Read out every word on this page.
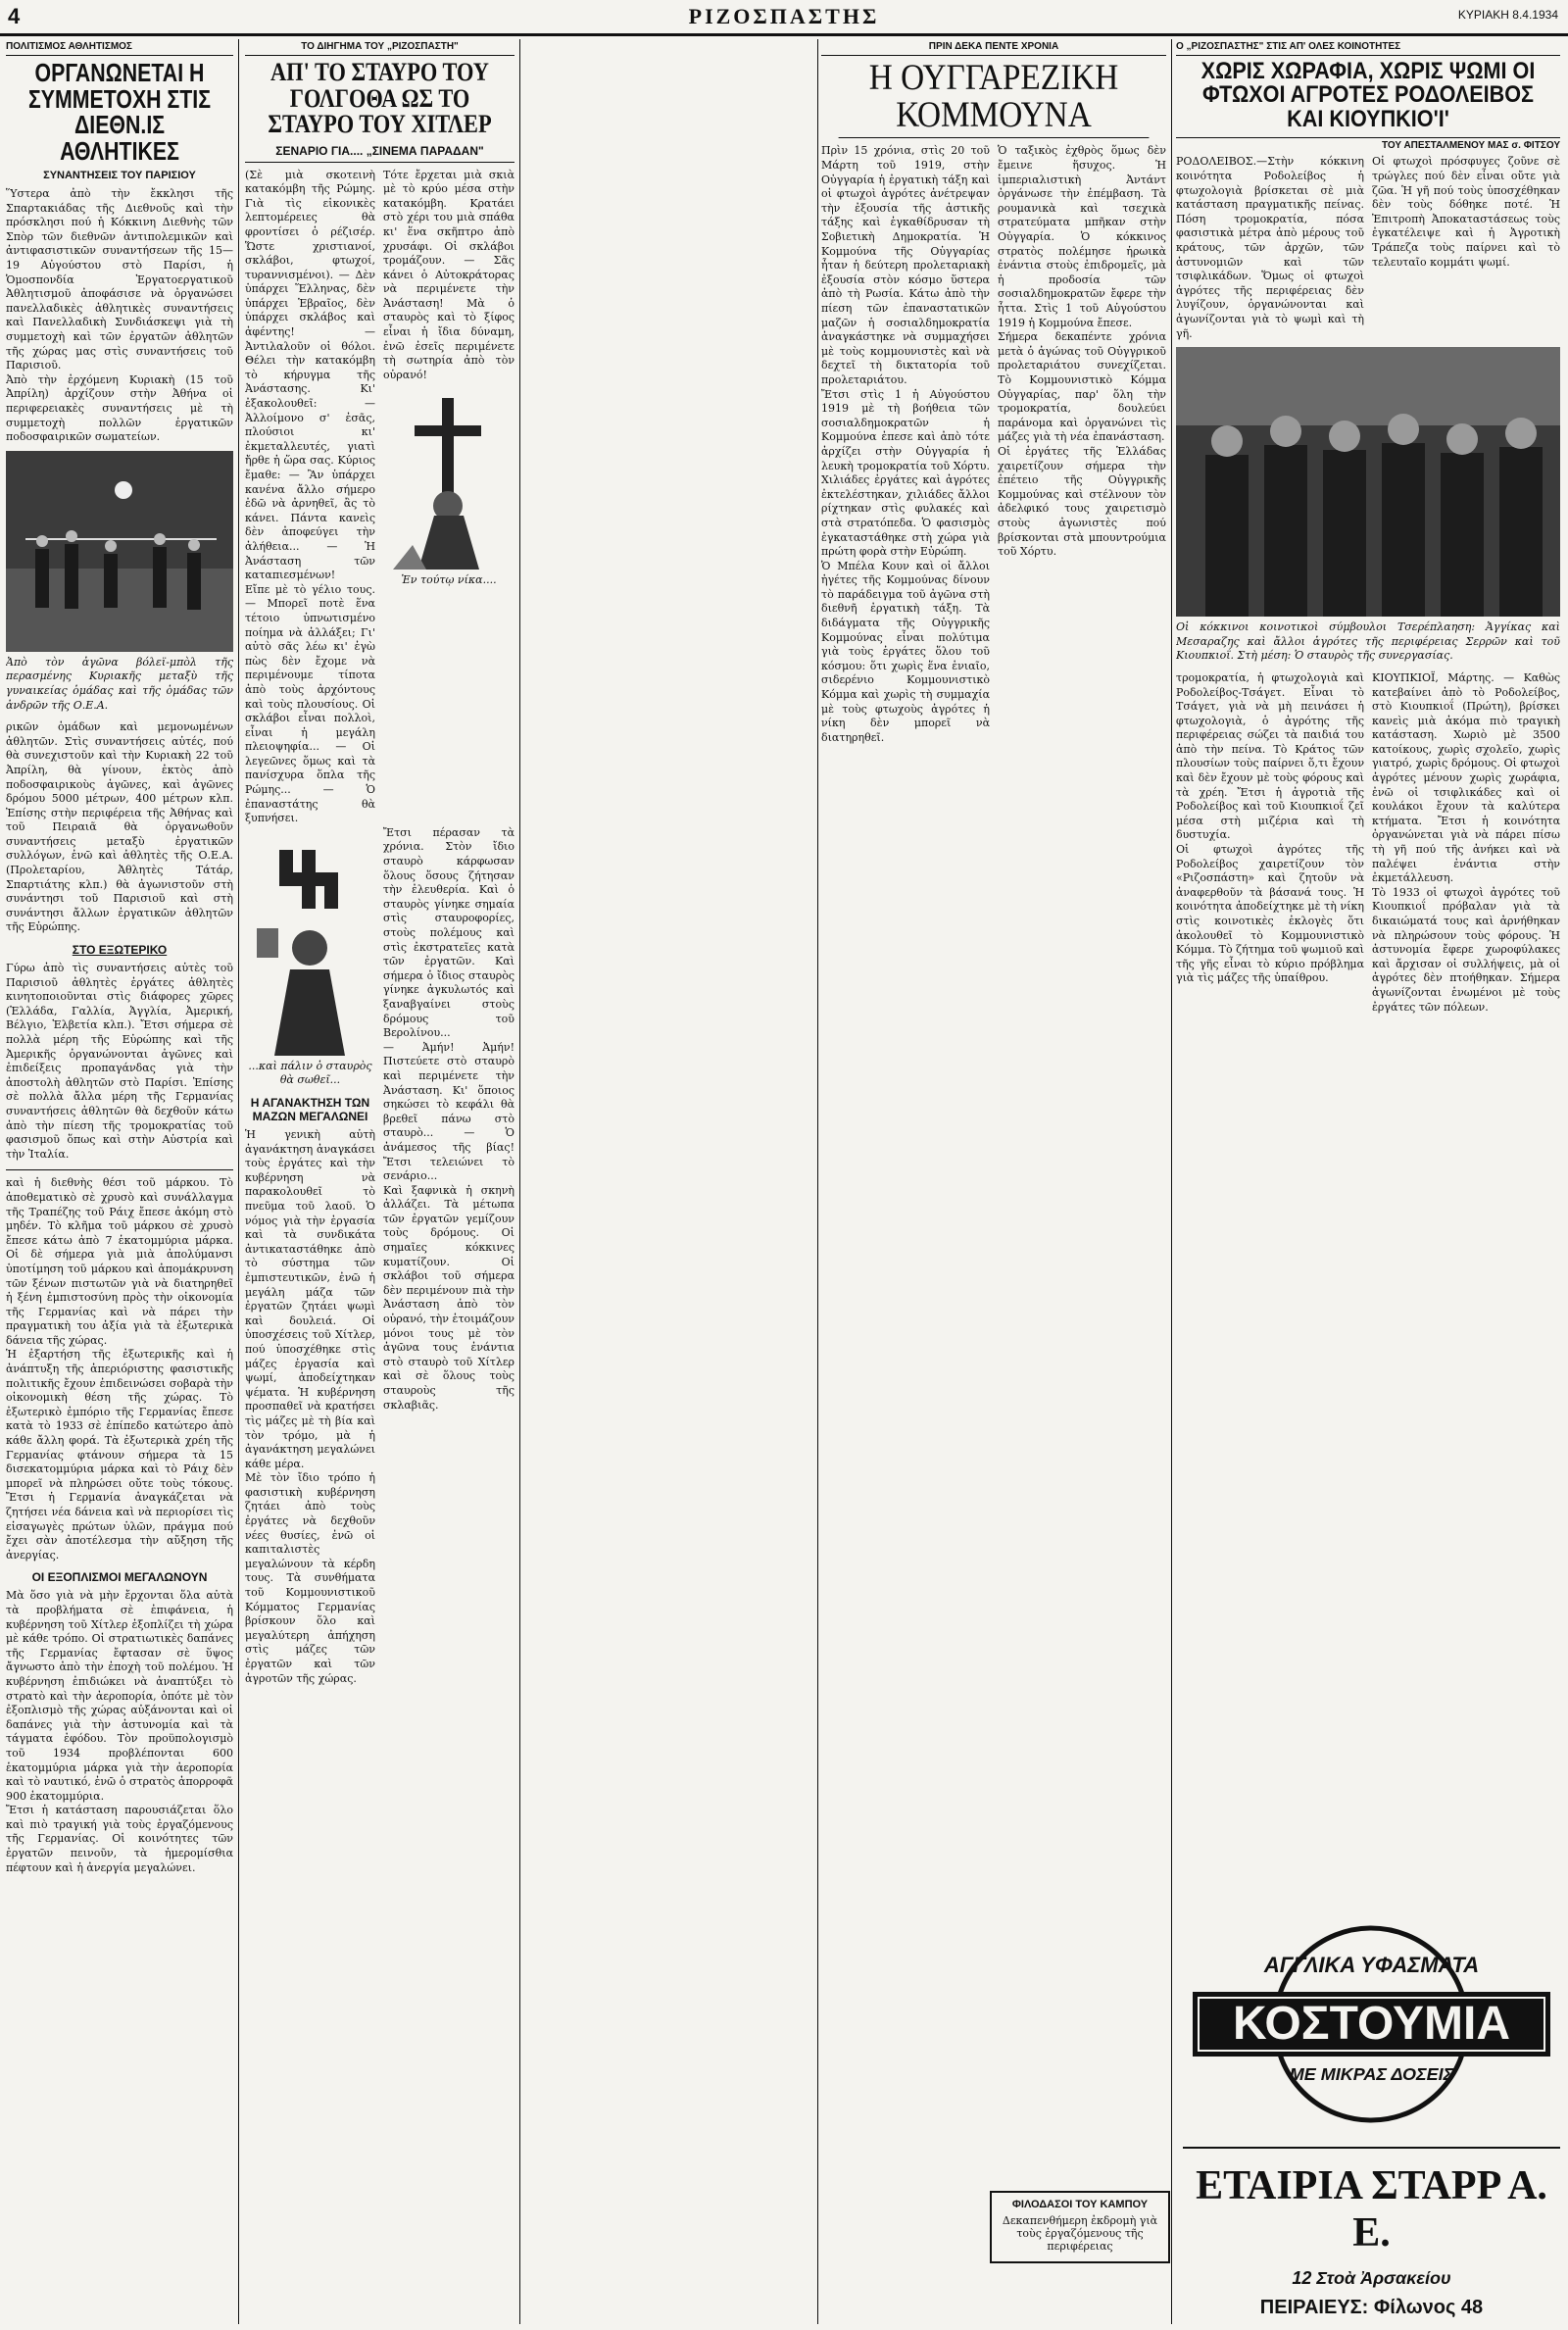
4	ΡΙΖΟΣΠΑΣΤΗΣ	ΚΥΡΙΑΚΗ 8.4.1934
ΠΟΛΙΤΙΣΜΟΣ ΑΘΛΗΤΙΣΜΟΣ
ΟΡΓΑΝΩΝΕΤΑΙ Η ΣΥΜΜΕΤΟΧΗ ΣΤΙΣ ΔΙΕΘΝ.ΙΣ ΑΘΛΗΤΙΚΕΣ
ΣΥΝΑΝΤΗΣΕΙΣ ΤΟΥ ΠΑΡΙΣΙΟΥ

Ὕστερα ἀπὸ τὴν ἔκκλησι τῆς Σπαρτακιάδας τῆς Διεθνοῦς καὶ τὴν πρόσκλησι πού ἡ Κόκκινη Διεθνὴς τῶν Σπὸρ τῶν διεθνῶν ἀντιπολεμικῶν καὶ ἀντιφασιστικῶν συναντήσεων τῆς 15—19 Αὐγούστου στὸ Παρίσι, ἡ Ὁμοσπονδία Ἐργατοεργατικοῦ Ἀθλητισμοῦ ἀποφάσισε νὰ ὀργανώσει πανελλαδικὲς ἀθλητικὲς συναντήσεις καὶ Πανελλαδικὴ Συνδιάσκεψι γιὰ τὴ συμμετοχὴ καὶ τῶν ἐργατῶν ἀθλητῶν τῆς χώρας μας στὶς συναντήσεις τοῦ Παρισιοῦ.

Ἀπὸ τὴν ἐρχόμενη Κυριακὴ (15 τοῦ Ἀπρίλη) ἀρχίζουν στὴν Ἀθήνα οἱ περιφερειακὲς συναντήσεις μὲ τὴ συμμετοχὴ πολλῶν ἐργατικῶν ποδοσφαιρικῶν σωματείων.

Ἀπὸ τὸν ἀγῶνα βόλεϊ-μπὸλ τῆς περασμένης Κυριακῆς μεταξὺ τῆς γυναικείας ὁμάδας καὶ τῆς ὁμάδας τῶν ἀνδρῶν τῆς Ο.Ε.Α.

ρικῶν ὁμάδων καὶ μεμονωμένων ἀθλητῶν. Στὶς συναντήσεις αὐτές, πού θὰ συνεχιστοῦν καὶ τὴν Κυριακὴ 22 τοῦ Ἀπρίλη, θὰ γίνουν, ἐκτὸς ἀπὸ ποδοσφαιρικοὺς ἀγῶνες, καὶ ἀγῶνες δρόμου 5000 μέτρων, 400 μέτρων κλπ. Ἐπίσης στὴν περιφέρεια τῆς Ἀθήνας καὶ τοῦ Πειραιᾶ θὰ ὀργανωθοῦν συναντήσεις μεταξὺ ἐργατικῶν συλλόγων, ἐνῶ καὶ ἀθλητὲς τῆς Ο.Ε.Α. (Προλεταρίου, Ἀθλητὲς Τάτάρ, Σπαρτιάτης κλπ.) θὰ ἀγωνιστοῦν στὴ συνάντησι τοῦ Παρισιοῦ καὶ στὴ συνάντησι ἄλλων ἐργατικῶν ἀθλητῶν τῆς Εὐρώπης.

ΣΤΟ ΕΞΩΤΕΡΙΚΟ

Γύρω ἀπὸ τὶς συναντήσεις αὐτὲς τοῦ Παρισιοῦ ἀθλητὲς ἐργάτες ἀθλητὲς κινητοποιοῦνται στὶς διάφορες χῶρες (Ἑλλάδα, Γαλλία, Ἀγγλία, Ἀμερική, Βέλγιο, Ἑλβετία κλπ.). Ἔτσι σήμερα σὲ πολλὰ μέρη τῆς Εὐρώπης καὶ τῆς Ἀμερικῆς ὀργανώνονται ἀγῶνες καὶ ἐπιδείξεις προπαγάνδας γιὰ τὴν ἀποστολὴ ἀθλητῶν στὸ Παρίσι. Ἐπίσης σὲ πολλὰ ἄλλα μέρη τῆς Γερμανίας συναντήσεις ἀθλητῶν θὰ δεχθοῦν κάτω ἀπὸ τὴν πίεση τῆς τρομοκρατίας τοῦ φασισμοῦ ὅπως καὶ στὴν Αὐστρία καὶ τὴν Ἰταλία.

καὶ ἡ διεθνὴς θέσι τοῦ μάρκου. Τὸ ἀποθεματικὸ σὲ χρυσὸ καὶ συνάλλαγμα τῆς Τραπέζης τοῦ Ράιχ ἔπεσε ἀκόμη στὸ μηδέν. Τὸ κλῆμα τοῦ μάρκου σὲ χρυσὸ ἔπεσε κάτω ἀπὸ 7 ἑκατομμύρια μάρκα. Οἱ δὲ σήμερα γιὰ μιὰ ἀπολύμανσι ὑποτίμηση τοῦ μάρκου καὶ ἀπομάκρυνση τῶν ξένων πιστωτῶν γιὰ νὰ διατηρηθεῖ ἡ ξένη ἐμπιστοσύνη πρὸς τὴν οἰκονομία τῆς Γερμανίας καὶ νὰ πάρει τὴν πραγματικὴ του ἀξία γιὰ τὰ ἐξωτερικὰ δάνεια τῆς χώρας.

Ἡ ἐξαρτήση τῆς ἐξωτερικῆς καὶ ἡ ἀνάπτυξη τῆς ἀπεριόριστης φασιστικῆς πολιτικῆς ἔχουν ἐπιδεινώσει σοβαρὰ τὴν οἰκονομικὴ θέση τῆς χώρας. Τὸ ἐξωτερικὸ ἐμπόριο τῆς Γερμανίας ἔπεσε κατὰ τὸ 1933 σὲ ἐπίπεδο κατώτερο ἀπὸ κάθε ἄλλη φορά. Τὰ ἐξωτερικὰ χρέη τῆς Γερμανίας φτάνουν σήμερα τὰ 15 δισεκατομμύρια μάρκα καὶ τὸ Ράιχ δὲν μπορεῖ νὰ πληρώσει οὔτε τοὺς τόκους. Ἔτσι ἡ Γερμανία ἀναγκάζεται νὰ ζητήσει νέα δάνεια καὶ νὰ περιορίσει τὶς εἰσαγωγὲς πρώτων ὑλῶν, πράγμα πού ἔχει σὰν ἀποτέλεσμα τὴν αὔξηση τῆς ἀνεργίας.

ΟΙ ΕΞΟΠΛΙΣΜΟΙ ΜΕΓΑΛΩΝΟΥΝ

Μὰ ὅσο γιὰ νὰ μὴν ἔρχονται ὅλα αὐτὰ τὰ προβλήματα σὲ ἐπιφάνεια, ἡ κυβέρνηση τοῦ Χίτλερ ἐξοπλίζει τὴ χώρα μὲ κάθε τρόπο. Οἱ στρατιωτικὲς δαπάνες τῆς Γερμανίας ἔφτασαν σὲ ὕψος ἄγνωστο ἀπὸ τὴν ἐποχὴ τοῦ πολέμου. Ἡ κυβέρνηση ἐπιδιώκει νὰ ἀναπτύξει τὸ στρατὸ καὶ τὴν ἀεροπορία, ὁπότε μὲ τὸν ἐξοπλισμὸ τῆς χώρας αὐξάνονται καὶ οἱ δαπάνες γιὰ τὴν ἀστυνομία καὶ τὰ τάγματα ἐφόδου. Τὸν προϋπολογισμὸ τοῦ 1934 προβλέπονται 600 ἑκατομμύρια μάρκα γιὰ τὴν ἀεροπορία καὶ τὸ ναυτικό, ἐνῶ ὁ στρατὸς ἀπορροφᾶ 900 ἑκατομμύρια.

Ἔτσι ἡ κατάσταση παρουσιάζεται ὅλο καὶ πιὸ τραγική γιὰ τοὺς ἐργαζόμενους τῆς Γερμανίας. Οἱ κοινότητες τῶν ἐργατῶν πεινοῦν, τὰ ἡμερομίσθια πέφτουν καὶ ἡ ἀνεργία μεγαλώνει.

ΤΟ ΔΙΗΓΗΜΑ ΤΟΥ „ΡΙΖΟΣΠΑΣΤΗ"
ΑΠ' ΤΟ ΣΤΑΥΡΟ ΤΟΥ ΓΟΛΓΟΘΑ ΩΣ ΤΟ ΣΤΑΥΡΟ ΤΟΥ ΧΙΤΛΕΡ
ΣΕΝΑΡΙΟ ΓΙΑ.... „ΣΙΝΕΜΑ ΠΑΡΑΔΑΝ"

(Σὲ μιὰ σκοτεινὴ κατακόμβη τῆς Ρώμης. Γιὰ τὶς εἰκονικὲς λεπτομέρειες θὰ φροντίσει ὁ ρέζισέρ. Ὥστε χριστιανοί, σκλάβοι, φτωχοί, τυραννισμένοι). — Δὲν ὑπάρχει Ἕλληνας, δὲν ὑπάρχει Ἑβραῖος, δὲν ὑπάρχει σκλάβος καὶ ἀφέντης! — Ἀντιλαλοῦν οἱ θόλοι. Θέλει τὴν κατακόμβη τὸ κήρυγμα τῆς Ἀνάστασης. Κι' ἐξακολουθεῖ: — Ἀλλοίμονο σ' ἐσᾶς, πλούσιοι κι' ἐκμεταλλευτές, γιατὶ ἤρθε ἡ ὥρα σας. Κύριος ἔμαθε: — Ἂν ὑπάρχει κανένα ἄλλο σήμερο ἐδῶ νὰ ἀρνηθεῖ, ἂς τὸ κάνει. Πάντα κανεὶς δὲν ἀποφεύγει τὴν ἀλήθεια... — Ἡ Ἀνάσταση τῶν καταπιεσμένων!

Εἴπε μὲ τὸ γέλιο τους. — Μπορεῖ ποτὲ ἕνα τέτοιο ὑπνωτισμένο ποίημα νὰ ἀλλάξει; Γι' αὐτὸ σᾶς λέω κι' ἐγὼ πὼς δὲν ἔχομε νὰ περιμένουμε τίποτα ἀπὸ τοὺς ἀρχόντους καὶ τοὺς πλουσίους. Οἱ σκλάβοι εἶναι πολλοὶ, εἶναι ἡ μεγάλη πλειοψηφία... — Οἱ λεγεῶνες ὅμως καὶ τὰ πανίσχυρα ὅπλα τῆς Ρώμης... — Ὁ ἐπαναστάτης θὰ ξυπνήσει.

Τότε ἔρχεται μιὰ σκιὰ μὲ τὸ κρύο μέσα στὴν κατακόμβη. Κρατάει στὸ χέρι του μιὰ σπάθα κι' ἕνα σκῆπτρο ἀπὸ χρυσάφι. Οἱ σκλάβοι τρομάζουν. — Σᾶς κάνει ὁ Αὐτοκράτορας νὰ περιμένετε τὴν Ἀνάσταση! Μὰ ὁ σταυρὸς καὶ τὸ ξίφος εἶναι ἡ ἴδια δύναμη, ἐνῶ ἐσεῖς περιμένετε τὴ σωτηρία ἀπὸ τὸν οὐρανό!

Ἐν τούτῳ νίκα....

...καὶ πάλιν ὁ σταυρὸς θὰ σωθεῖ...

Η ΑΓΑΝΑΚΤΗΣΗ ΤΩΝ ΜΑΖΩΝ ΜΕΓΑΛΩΝΕΙ

Ἡ γενικὴ αὐτὴ ἀγανάκτηση ἀναγκάσει τοὺς ἐργάτες καὶ τὴν κυβέρνηση νὰ παρακολουθεῖ τὸ πνεῦμα τοῦ λαοῦ. Ὁ νόμος γιὰ τὴν ἐργασία καὶ τὰ συνδικάτα ἀντικαταστάθηκε ἀπὸ τὸ σύστημα τῶν ἐμπιστευτικῶν, ἐνῶ ἡ μεγάλη μάζα τῶν ἐργατῶν ζητάει ψωμὶ καὶ δουλειά. Οἱ ὑποσχέσεις τοῦ Χίτλερ, πού ὑποσχέθηκε στὶς μάζες ἐργασία καὶ ψωμί, ἀποδείχτηκαν ψέματα. Ἡ κυβέρνηση προσπαθεῖ νὰ κρατήσει τὶς μάζες μὲ τὴ βία καὶ τὸν τρόμο, μὰ ἡ ἀγανάκτηση μεγαλώνει κάθε μέρα.

Μὲ τὸν ἴδιο τρόπο ἡ φασιστικὴ κυβέρνηση ζητάει ἀπὸ τοὺς ἐργάτες νὰ δεχθοῦν νέες θυσίες, ἐνῶ οἱ καπιταλιστὲς μεγαλώνουν τὰ κέρδη τους. Τὰ συνθήματα τοῦ Κομμουνιστικοῦ Κόμματος Γερμανίας βρίσκουν ὅλο καὶ μεγαλύτερη ἀπήχηση στὶς μάζες τῶν ἐργατῶν καὶ τῶν ἀγροτῶν τῆς χώρας.

Ἔτσι πέρασαν τὰ χρόνια. Στὸν ἴδιο σταυρὸ κάρφωσαν ὅλους ὅσους ζήτησαν τὴν ἐλευθερία. Καὶ ὁ σταυρὸς γίνηκε σημαία στὶς σταυροφορίες, στοὺς πολέμους καὶ στὶς ἐκστρατεῖες κατὰ τῶν ἐργατῶν. Καὶ σήμερα ὁ ἴδιος σταυρὸς γίνηκε ἀγκυλωτός καὶ ξαναβγαίνει στοὺς δρόμους τοῦ Βερολίνου...

— Ἀμήν! Ἀμήν! Πιστεύετε στὸ σταυρὸ καὶ περιμένετε τὴν Ἀνάσταση. Κι' ὅποιος σηκώσει τὸ κεφάλι θὰ βρεθεῖ πάνω στὸ σταυρὸ... — Ὁ ἀνάμεσος τῆς βίας! Ἔτσι τελειώνει τὸ σενάριο...

Καὶ ξαφνικὰ ἡ σκηνὴ ἀλλάζει. Τὰ μέτωπα τῶν ἐργατῶν γεμίζουν τοὺς δρόμους. Οἱ σημαῖες κόκκινες κυματίζουν. Οἱ σκλάβοι τοῦ σήμερα δὲν περιμένουν πιὰ τὴν Ἀνάσταση ἀπὸ τὸν οὐρανό, τὴν ἑτοιμάζουν μόνοι τους μὲ τὸν ἀγῶνα τους ἐνάντια στὸ σταυρὸ τοῦ Χίτλερ καὶ σὲ ὅλους τοὺς σταυροὺς τῆς σκλαβιᾶς.

ΠΡΙΝ ΔΕΚΑ ΠΕΝΤΕ ΧΡΟΝΙΑ
Η ΟΥΓΓΑΡΕΖΙΚΗ ΚΟΜΜΟΥΝΑ

Πρὶν 15 χρόνια, στὶς 20 τοῦ Μάρτη τοῦ 1919, στὴν Οὐγγαρία ἡ ἐργατικὴ τάξη καὶ οἱ φτωχοὶ ἀγρότες ἀνέτρεψαν τὴν ἐξουσία τῆς ἀστικῆς τάξης καὶ ἐγκαθίδρυσαν τὴ Σοβιετικὴ Δημοκρατία. Ἡ Κομμούνα τῆς Οὐγγαρίας ἦταν ἡ δεύτερη προλεταριακὴ ἐξουσία στὸν κόσμο ὕστερα ἀπὸ τὴ Ρωσία. Κάτω ἀπὸ τὴν πίεση τῶν ἐπαναστατικῶν μαζῶν ἡ σοσιαλδημοκρατία ἀναγκάστηκε νὰ συμμαχήσει μὲ τοὺς κομμουνιστὲς καὶ νὰ δεχτεῖ τὴ δικτατορία τοῦ προλεταριάτου.

Ἔτσι στὶς 1 ἡ Αὐγούστου 1919 μὲ τὴ βοήθεια τῶν σοσιαλδημοκρατῶν ἡ Κομμούνα ἐπεσε καὶ ἀπὸ τότε ἀρχίζει στὴν Οὐγγαρία ἡ λευκὴ τρομοκρατία τοῦ Χόρτυ. Χιλιάδες ἐργάτες καὶ ἀγρότες ἐκτελέστηκαν, χιλιάδες ἄλλοι ρίχτηκαν στὶς φυλακές καὶ στὰ στρατόπεδα. Ὁ φασισμὸς ἐγκαταστάθηκε στὴ χώρα γιὰ πρώτη φορὰ στὴν Εὐρώπη.

Ὁ Μπέλα Κουν καὶ οἱ ἄλλοι ἡγέτες τῆς Κομμούνας δίνουν τὸ παράδειγμα τοῦ ἀγῶνα στὴ διεθνῆ ἐργατικὴ τάξη. Τὰ διδάγματα τῆς Οὐγγρικῆς Κομμούνας εἶναι πολύτιμα γιὰ τοὺς ἐργάτες ὅλου τοῦ κόσμου: ὅτι χωρὶς ἕνα ἑνιαῖο, σιδερένιο Κομμουνιστικὸ Κόμμα καὶ χωρὶς τὴ συμμαχία μὲ τοὺς φτωχοὺς ἀγρότες ἡ νίκη δὲν μπορεῖ νὰ διατηρηθεῖ.

Ὁ ταξικὸς ἐχθρὸς ὅμως δὲν ἔμεινε ἥσυχος. Ἡ ἱμπεριαλιστικὴ Ἀντάντ ὀργάνωσε τὴν ἐπέμβαση. Τὰ ρουμανικὰ καὶ τσεχικὰ στρατεύματα μπῆκαν στὴν Οὐγγαρία. Ὁ κόκκινος στρατὸς πολέμησε ἡρωικὰ ἐνάντια στοὺς ἐπιδρομεῖς, μὰ ἡ προδοσία τῶν σοσιαλδημοκρατῶν ἔφερε τὴν ἧττα. Στὶς 1 τοῦ Αὐγούστου 1919 ἡ Κομμούνα ἔπεσε.

Σήμερα δεκαπέντε χρόνια μετὰ ὁ ἀγώνας τοῦ Οὐγγρικοῦ προλεταριάτου συνεχίζεται. Τὸ Κομμουνιστικὸ Κόμμα Οὐγγαρίας, παρ' ὅλη τὴν τρομοκρατία, δουλεύει παράνομα καὶ ὀργανώνει τὶς μάζες γιὰ τὴ νέα ἐπανάσταση.

Οἱ ἐργάτες τῆς Ἑλλάδας χαιρετίζουν σήμερα τὴν ἐπέτειο τῆς Οὐγγρικῆς Κομμούνας καὶ στέλνουν τὸν ἀδελφικό τους χαιρετισμὸ στοὺς ἀγωνιστὲς πού βρίσκονται στὰ μπουντρούμια τοῦ Χόρτυ.

ΦΙΛΟΔΑΣΟΙ ΤΟΥ ΚΑΜΠΟΥ
Δεκαπενθήμερη ἐκδρομὴ γιὰ τοὺς ἐργαζόμενους τῆς περιφέρειας
Ο „ΡΙΖΟΣΠΑΣΤΗΣ" ΣΤΙΣ ΑΠ' ΟΛΕΣ ΚΟΙΝΟΤΗΤΕΣ
ΧΩΡΙΣ ΧΩΡΑΦΙΑ, ΧΩΡΙΣ ΨΩΜΙ ΟΙ ΦΤΩΧΟΙ ΑΓΡΟΤΕΣ ΡΟΔΟΛΕΙΒΟΣ ΚΑΙ ΚΙΟΥΠΚΙΟ'Ι'
ΤΟΥ ΑΠΕΣΤΑΛΜΕΝΟΥ ΜΑΣ σ. ΦΙΤΣΟΥ

ΡΟΔΟΛΕΙΒΟΣ.—Στὴν κόκκινη κοινότητα Ροδολείβος ἡ φτωχολογιὰ βρίσκεται σὲ μιὰ κατάσταση πραγματικῆς πείνας. Πόση τρομοκρατία, πόσα φασιστικὰ μέτρα ἀπὸ μέρους τοῦ κράτους, τῶν ἀρχῶν, τῶν ἀστυνομιῶν καὶ τῶν τσιφλικάδων. Ὅμως οἱ φτωχοὶ ἀγρότες τῆς περιφέρειας δὲν λυγίζουν, ὀργανώνονται καὶ ἀγωνίζονται γιὰ τὸ ψωμὶ καὶ τὴ γῆ.

Οἱ φτωχοὶ πρόσφυγες ζοῦνε σὲ τρώγλες πού δὲν εἶναι οὔτε γιὰ ζῶα. Ἡ γῆ πού τοὺς ὑποσχέθηκαν δὲν τοὺς δόθηκε ποτέ. Ἡ Ἐπιτροπὴ Ἀποκαταστάσεως τοὺς ἐγκατέλειψε καὶ ἡ Ἀγροτικὴ Τράπεζα τοὺς παίρνει καὶ τὸ τελευταῖο κομμάτι ψωμί.

Οἱ κόκκινοι κοινοτικοὶ σύμβουλοι Τσερέπλαηση: Ἀγγίκας καὶ Μεσαραζης καὶ ἄλλοι ἀγρότες τῆς περιφέρειας Σερρῶν καὶ τοῦ Κιουπκιοΐ. Στὴ μέση: Ὁ σταυρὸς τῆς συνεργασίας.

τρομοκρατία, ἡ φτωχολογιὰ καὶ Ροδολείβος-Τσάγετ. Εἶναι τὸ Τσάγετ, γιὰ νὰ μὴ πεινάσει ἡ φτωχολογιὰ, ὁ ἀγρότης τῆς περιφέρειας σώζει τὰ παιδιά του ἀπὸ τὴν πείνα. Τὸ Κράτος τῶν πλουσίων τοὺς παίρνει ὅ,τι ἔχουν καὶ δὲν ἔχουν μὲ τοὺς φόρους καὶ τὰ χρέη. Ἔτσι ἡ ἀγροτιὰ τῆς Ροδολείβος καὶ τοῦ Κιουπκιοΐ ζεῖ μέσα στὴ μιζέρια καὶ τὴ δυστυχία.

Οἱ φτωχοὶ ἀγρότες τῆς Ροδολείβος χαιρετίζουν τὸν «Ριζοσπάστη» καὶ ζητοῦν νὰ ἀναφερθοῦν τὰ βάσανά τους. Ἡ κοινότητα ἀποδείχτηκε μὲ τὴ νίκη στὶς κοινοτικὲς ἐκλογὲς ὅτι ἀκολουθεῖ τὸ Κομμουνιστικὸ Κόμμα. Τὸ ζήτημα τοῦ ψωμιοῦ καὶ τῆς γῆς εἶναι τὸ κύριο πρόβλημα γιὰ τὶς μάζες τῆς ὑπαίθρου.

ΚΙΟΥΠΚΙΟΪ, Μάρτης. — Καθὼς κατεβαίνει ἀπὸ τὸ Ροδολείβος, στὸ Κιουπκιοΐ (Πρώτη), βρίσκει κανεὶς μιὰ ἀκόμα πιὸ τραγικὴ κατάσταση. Χωριὸ μὲ 3500 κατοίκους, χωρὶς σχολεῖο, χωρὶς γιατρό, χωρὶς δρόμους. Οἱ φτωχοὶ ἀγρότες μένουν χωρὶς χωράφια, ἐνῶ οἱ τσιφλικάδες καὶ οἱ κουλάκοι ἔχουν τὰ καλύτερα κτήματα. Ἔτσι ἡ κοινότητα ὀργανώνεται γιὰ νὰ πάρει πίσω τὴ γῆ πού τῆς ἀνήκει καὶ νὰ παλέψει ἐνάντια στὴν ἐκμετάλλευση.

Τὸ 1933 οἱ φτωχοὶ ἀγρότες τοῦ Κιουπκιοΐ πρόβαλαν γιὰ τὰ δικαιώματά τους καὶ ἀρνήθηκαν νὰ πληρώσουν τοὺς φόρους. Ἡ ἀστυνομία ἔφερε χωροφύλακες καὶ ἄρχισαν οἱ συλλήψεις, μὰ οἱ ἀγρότες δὲν πτοήθηκαν. Σήμερα ἀγωνίζονται ἑνωμένοι μὲ τοὺς ἐργάτες τῶν πόλεων.

ΑΓΓΛΙΚΑ ΥΦΑΣΜΑΤΑ
ΚΟΣΤΟΥΜΙΑ
ΜΕ ΜΙΚΡΑΣ ΔΟΣΕΙΣ
ΕΤΑΙΡΙΑ ΣΤΑΡΡ Α. Ε.
12 Στοὰ Ἀρσακείου
ΠΕΙΡΑΙΕΥΣ: Φίλωνος 48
